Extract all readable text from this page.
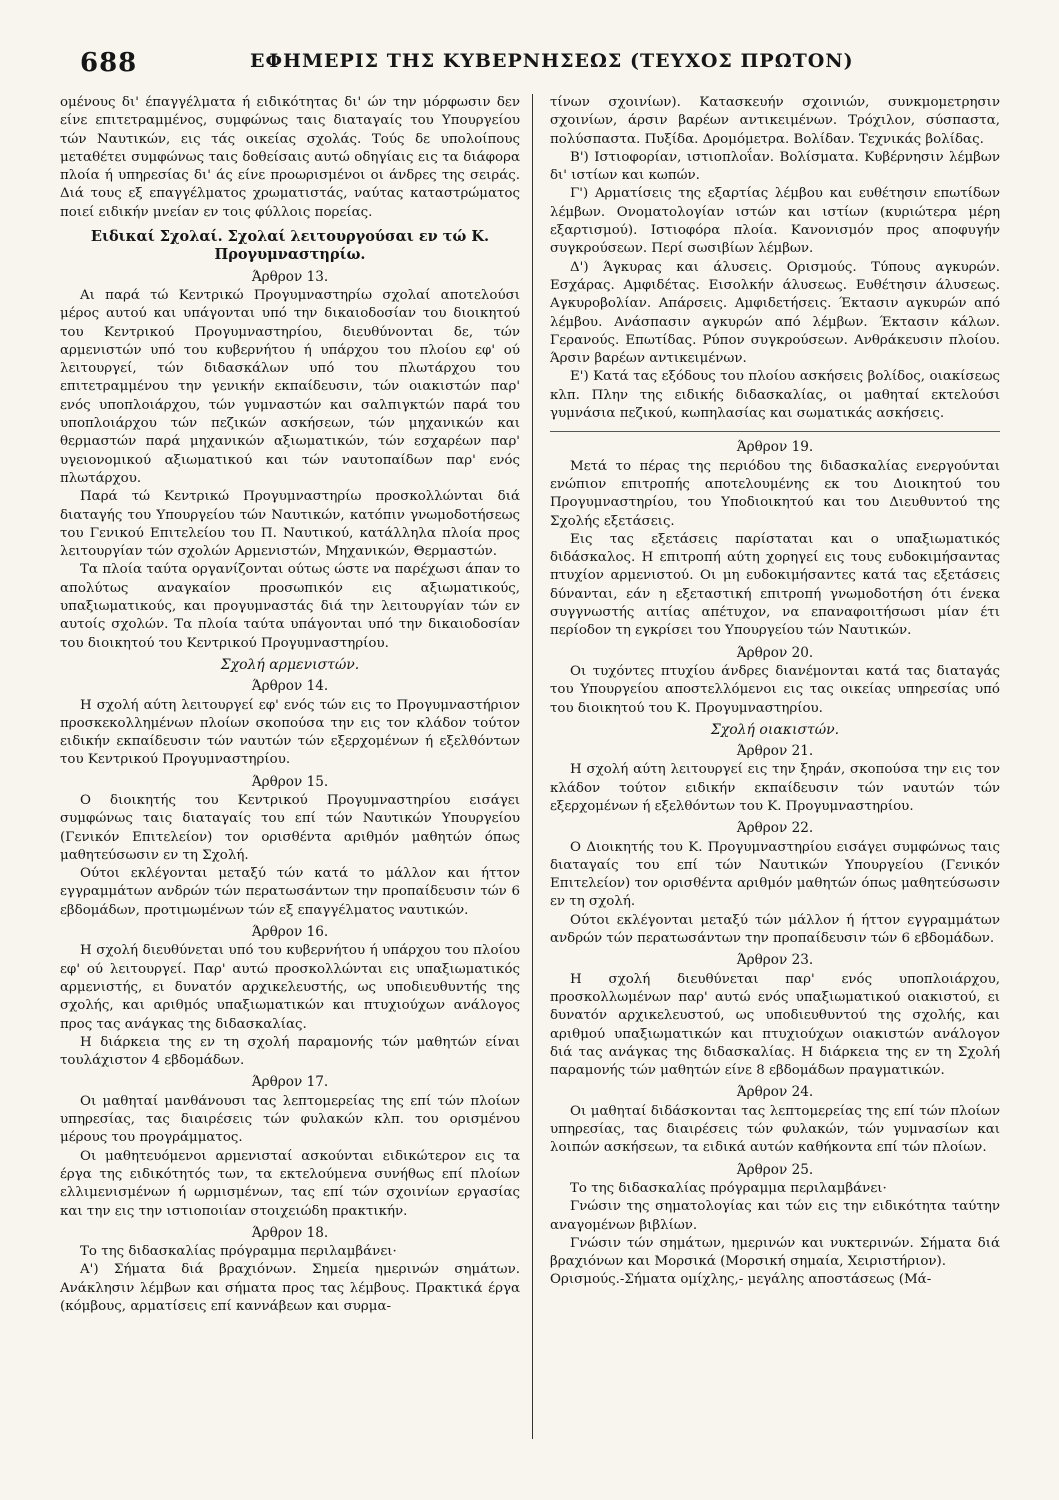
688	ΕΦΗΜΕΡΙΣ ΤΗΣ ΚΥΒΕΡΝΗΣΕΩΣ (ΤΕΥΧΟΣ ΠΡΩΤΟΝ)

ομένους δι' έπαγγέλματα ή ειδικότητας δι' ών την μόρφωσιν δεν είνε επιτετραμμένος, συμφώνως ταις διαταγαίς του Υπουργείου τών Ναυτικών, εις τάς οικείας σχολάς. Τούς δε υπολοίπους μεταθέτει συμφώνως ταις δοθείσαις αυτώ οδηγίαις εις τα διάφορα πλοία ή υπηρεσίας δι' άς είνε προωρισμένοι οι άνδρες της σειράς. Διά τους εξ επαγγέλματος χρωματιστάς, ναύτας καταστρώματος ποιεί ειδικήν μνείαν εν τοις φύλλοις πορείας.

Ειδικαί Σχολαί. Σχολαί λειτουργούσαι εν τώ Κ. Προγυμναστηρίω.
Άρθρον 13.

Αι παρά τώ Κεντρικώ Προγυμναστηρίω σχολαί αποτελούσι μέρος αυτού και υπάγονται υπό την δικαιοδοσίαν του διοικητού του Κεντρικού Προγυμναστηρίου, διευθύνονται δε, τών αρμενιστών υπό του κυβερνήτου ή υπάρχου του πλοίου εφ' ού λειτουργεί, τών διδασκάλων υπό του πλωτάρχου του επιτετραμμένου την γενικήν εκπαίδευσιν, τών οιακιστών παρ' ενός υποπλοιάρχου, τών γυμναστών και σαλπιγκτών παρά του υποπλοιάρχου τών πεζικών ασκήσεων, τών μηχανικών και θερμαστών παρά μηχανικών αξιωματικών, τών εσχαρέων παρ' υγειονομικού αξιωματικού και τών ναυτοπαίδων παρ' ενός πλωτάρχου.

Παρά τώ Κεντρικώ Προγυμναστηρίω προσκολλώνται διά διαταγής του Υπουργείου τών Ναυτικών, κατόπιν γνωμοδοτήσεως του Γενικού Επιτελείου του Π. Ναυτικού, κατάλληλα πλοία προς λειτουργίαν τών σχολών Αρμενιστών, Μηχανικών, Θερμαστών.

Τα πλοία ταύτα οργανίζονται ούτως ώστε να παρέχωσι άπαν το απολύτως αναγκαίον προσωπικόν εις αξιωματικούς, υπαξιωματικούς, και προγυμναστάς διά την λειτουργίαν τών εν αυτοίς σχολών. Τα πλοία ταύτα υπάγονται υπό την δικαιοδοσίαν του διοικητού του Κεντρικού Προγυμναστηρίου.

Σχολή αρμενιστών.
Άρθρον 14.

Η σχολή αύτη λειτουργεί εφ' ενός τών εις το Προγυμναστήριον προσκεκολλημένων πλοίων σκοπούσα την εις τον κλάδον τούτον ειδικήν εκπαίδευσιν τών ναυτών τών εξερχομένων ή εξελθόντων του Κεντρικού Προγυμναστηρίου.

Άρθρον 15.

Ο διοικητής του Κεντρικού Προγυμναστηρίου εισάγει συμφώνως ταις διαταγαίς του επί τών Ναυτικών Υπουργείου (Γενικόν Επιτελείον) τον ορισθέντα αριθμόν μαθητών όπως μαθητεύσωσιν εν τη Σχολή.

Ούτοι εκλέγονται μεταξύ τών κατά το μάλλον και ήττον εγγραμμάτων ανδρών τών περατωσάντων την προπαίδευσιν τών 6 εβδομάδων, προτιμωμένων τών εξ επαγγέλματος ναυτικών.

Άρθρον 16.

Η σχολή διευθύνεται υπό του κυβερνήτου ή υπάρχου του πλοίου εφ' ού λειτουργεί. Παρ' αυτώ προσκολλώνται εις υπαξιωματικός αρμενιστής, ει δυνατόν αρχικελευστής, ως υποδιευθυντής της σχολής, και αριθμός υπαξιωματικών και πτυχιούχων ανάλογος προς τας ανάγκας της διδασκαλίας.

Η διάρκεια της εν τη σχολή παραμονής τών μαθητών είναι τουλάχιστον 4 εβδομάδων.

Άρθρον 17.

Οι μαθηταί μανθάνουσι τας λεπτομερείας της επί τών πλοίων υπηρεσίας, τας διαιρέσεις τών φυλακών κλπ. του ορισμένου μέρους του προγράμματος.

Οι μαθητευόμενοι αρμενισταί ασκούνται ειδικώτερον εις τα έργα της ειδικότητός των, τα εκτελούμενα συνήθως επί πλοίων ελλιμενισμένων ή ωρμισμένων, τας επί τών σχοινίων εργασίας και την εις την ιστιοποιίαν στοιχειώδη πρακτικήν.

Άρθρον 18.

Το της διδασκαλίας πρόγραμμα περιλαμβάνει·

Α') Σήματα διά βραχιόνων. Σημεία ημερινών σημάτων. Ανάκλησιν λέμβων και σήματα προς τας λέμβους. Πρακτικά έργα (κόμβους, αρματίσεις επί καννάβεων και συρμα-

τίνων σχοινίων). Κατασκευήν σχοινιών, συνκμομετρησιν σχοινίων, άρσιν βαρέων αντικειμένων. Τρόχιλον, σύσπαστα, πολύσπαστα. Πυξίδα. Δρομόμετρα. Βολίδαν. Τεχνικάς βολίδας.

Β') Ιστιοφορίαν, ιστιοπλοΐαν. Βολίσματα. Κυβέρνησιν λέμβων δι' ιστίων και κωπών.

Γ') Αρματίσεις της εξαρτίας λέμβου και ευθέτησιν επωτίδων λέμβων. Ονοματολογίαν ιστών και ιστίων (κυριώτερα μέρη εξαρτισμού). Ιστιοφόρα πλοία. Κανονισμόν προς αποφυγήν συγκρούσεων. Περί σωσιβίων λέμβων.

Δ') Άγκυρας και άλυσεις. Ορισμούς. Τύπους αγκυρών. Εσχάρας. Αμφιδέτας. Εισολκήν άλυσεως. Ευθέτησιν άλυσεως. Αγκυροβολίαν. Απάρσεις. Αμφιδετήσεις. Έκτασιν αγκυρών από λέμβου. Ανάσπασιν αγκυρών από λέμβων. Έκτασιν κάλων. Γερανούς. Επωτίδας. Ρύπον συγκρούσεων. Ανθράκευσιν πλοίου. Άρσιν βαρέων αντικειμένων.

Ε') Κατά τας εξόδους του πλοίου ασκήσεις βολίδος, οιακίσεως κλπ. Πλην της ειδικής διδασκαλίας, οι μαθηταί εκτελούσι γυμνάσια πεζικού, κωπηλασίας και σωματικάς ασκήσεις.

Άρθρον 19.

Μετά το πέρας της περιόδου της διδασκαλίας ενεργούνται ενώπιον επιτροπής αποτελουμένης εκ του Διοικητού του Προγυμναστηρίου, του Υποδιοικητού και του Διευθυντού της Σχολής εξετάσεις.

Εις τας εξετάσεις παρίσταται και ο υπαξιωματικός διδάσκαλος. Η επιτροπή αύτη χορηγεί εις τους ευδοκιμήσαντας πτυχίον αρμενιστού. Οι μη ευδοκιμήσαντες κατά τας εξετάσεις δύνανται, εάν η εξεταστική επιτροπή γνωμοδοτήση ότι ένεκα συγγνωστής αιτίας απέτυχον, να επαναφοιτήσωσι μίαν έτι περίοδον τη εγκρίσει του Υπουργείου τών Ναυτικών.

Άρθρον 20.

Οι τυχόντες πτυχίου άνδρες διανέμονται κατά τας διαταγάς του Υπουργείου αποστελλόμενοι εις τας οικείας υπηρεσίας υπό του διοικητού του Κ. Προγυμναστηρίου.

Σχολή οιακιστών.
Άρθρον 21.

Η σχολή αύτη λειτουργεί εις την ξηράν, σκοπούσα την εις τον κλάδον τούτον ειδικήν εκπαίδευσιν τών ναυτών τών εξερχομένων ή εξελθόντων του Κ. Προγυμναστηρίου.

Άρθρον 22.

Ο Διοικητής του Κ. Προγυμναστηρίου εισάγει συμφώνως ταις διαταγαίς του επί τών Ναυτικών Υπουργείου (Γενικόν Επιτελείον) τον ορισθέντα αριθμόν μαθητών όπως μαθητεύσωσιν εν τη σχολή.

Ούτοι εκλέγονται μεταξύ τών μάλλον ή ήττον εγγραμμάτων ανδρών τών περατωσάντων την προπαίδευσιν τών 6 εβδομάδων.

Άρθρον 23.

Η σχολή διευθύνεται παρ' ενός υποπλοιάρχου, προσκολλωμένων παρ' αυτώ ενός υπαξιωματικού οιακιστού, ει δυνατόν αρχικελευστού, ως υποδιευθυντού της σχολής, και αριθμού υπαξιωματικών και πτυχιούχων οιακιστών ανάλογον διά τας ανάγκας της διδασκαλίας. Η διάρκεια της εν τη Σχολή παραμονής τών μαθητών είνε 8 εβδομάδων πραγματικών.

Άρθρον 24.

Οι μαθηταί διδάσκονται τας λεπτομερείας της επί τών πλοίων υπηρεσίας, τας διαιρέσεις τών φυλακών, τών γυμνασίων και λοιπών ασκήσεων, τα ειδικά αυτών καθήκοντα επί τών πλοίων.

Άρθρον 25.

Το της διδασκαλίας πρόγραμμα περιλαμβάνει·

Γνώσιν της σηματολογίας και τών εις την ειδικότητα ταύτην αναγομένων βιβλίων.

Γνώσιν τών σημάτων, ημερινών και νυκτερινών. Σήματα διά βραχιόνων και Μορσικά (Μορσική σημαία, Χειριστήριον).

Ορισμούς.-Σήματα ομίχλης,- μεγάλης αποστάσεως (Μά-
